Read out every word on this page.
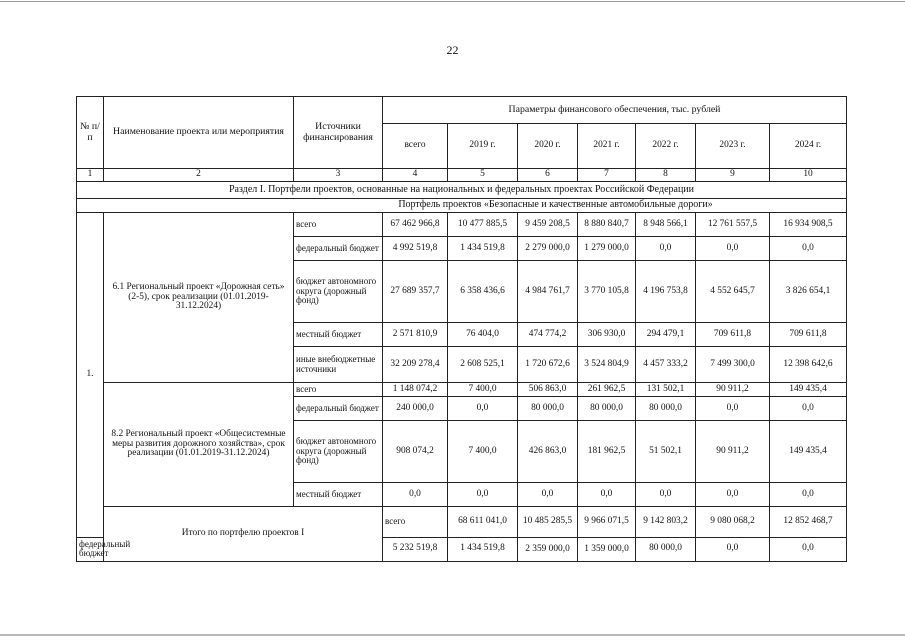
22
№ п/п	Наименование проекта или мероприятия	Источники финансирования	Параметры финансового обеспечения, тыс. рублей							
			всего	2019 г.	2020 г.	2021 г.	2022 г.	2023 г.	2024 г.	
1	2	3	4	5	6	7	8	9	10	
Раздел I. Портфели проектов, основанные на национальных и федеральных проектах Российской Федерации										
Портфель проектов «Безопасные и качественные автомобильные дороги»										
1.	6.1 Региональный проект «Дорожная сеть» (2-5), срок реализации (01.01.2019-31.12.2024)	всего	67 462 966,8	10 477 885,5	9 459 208,5	8 880 840,7	8 948 566,1	12 761 557,5	16 934 908,5	
		федеральный бюджет	4 992 519,8	1 434 519,8	2 279 000,0	1 279 000,0	0,0	0,0	0,0	
		бюджет автономного округа (дорожный фонд)	27 689 357,7	6 358 436,6	4 984 761,7	3 770 105,8	4 196 753,8	4 552 645,7	3 826 654,1	
		местный бюджет	2 571 810,9	76 404,0	474 774,2	306 930,0	294 479,1	709 611,8	709 611,8	
		иные внебюджетные источники	32 209 278,4	2 608 525,1	1 720 672,6	3 524 804,9	4 457 333,2	7 499 300,0	12 398 642,6	
	8.2 Региональный проект «Общесистемные меры развития дорожного хозяйства», срок реализации (01.01.2019-31.12.2024)	всего	1 148 074,2	7 400,0	506 863,0	261 962,5	131 502,1	90 911,2	149 435,4	
		федеральный бюджет	240 000,0	0,0	80 000,0	80 000,0	80 000,0	0,0	0,0	
		бюджет автономного округа (дорожный фонд)	908 074,2	7 400,0	426 863,0	181 962,5	51 502,1	90 911,2	149 435,4	
		местный бюджет	0,0	0,0	0,0	0,0	0,0	0,0	0,0	
	Итого по портфелю проектов I		всего	68 611 041,0	10 485 285,5	9 966 071,5	9 142 803,2	9 080 068,2	12 852 468,7	
федеральный бюджет			5 232 519,8	1 434 519,8	2 359 000,0	1 359 000,0	80 000,0	0,0	0,0	
